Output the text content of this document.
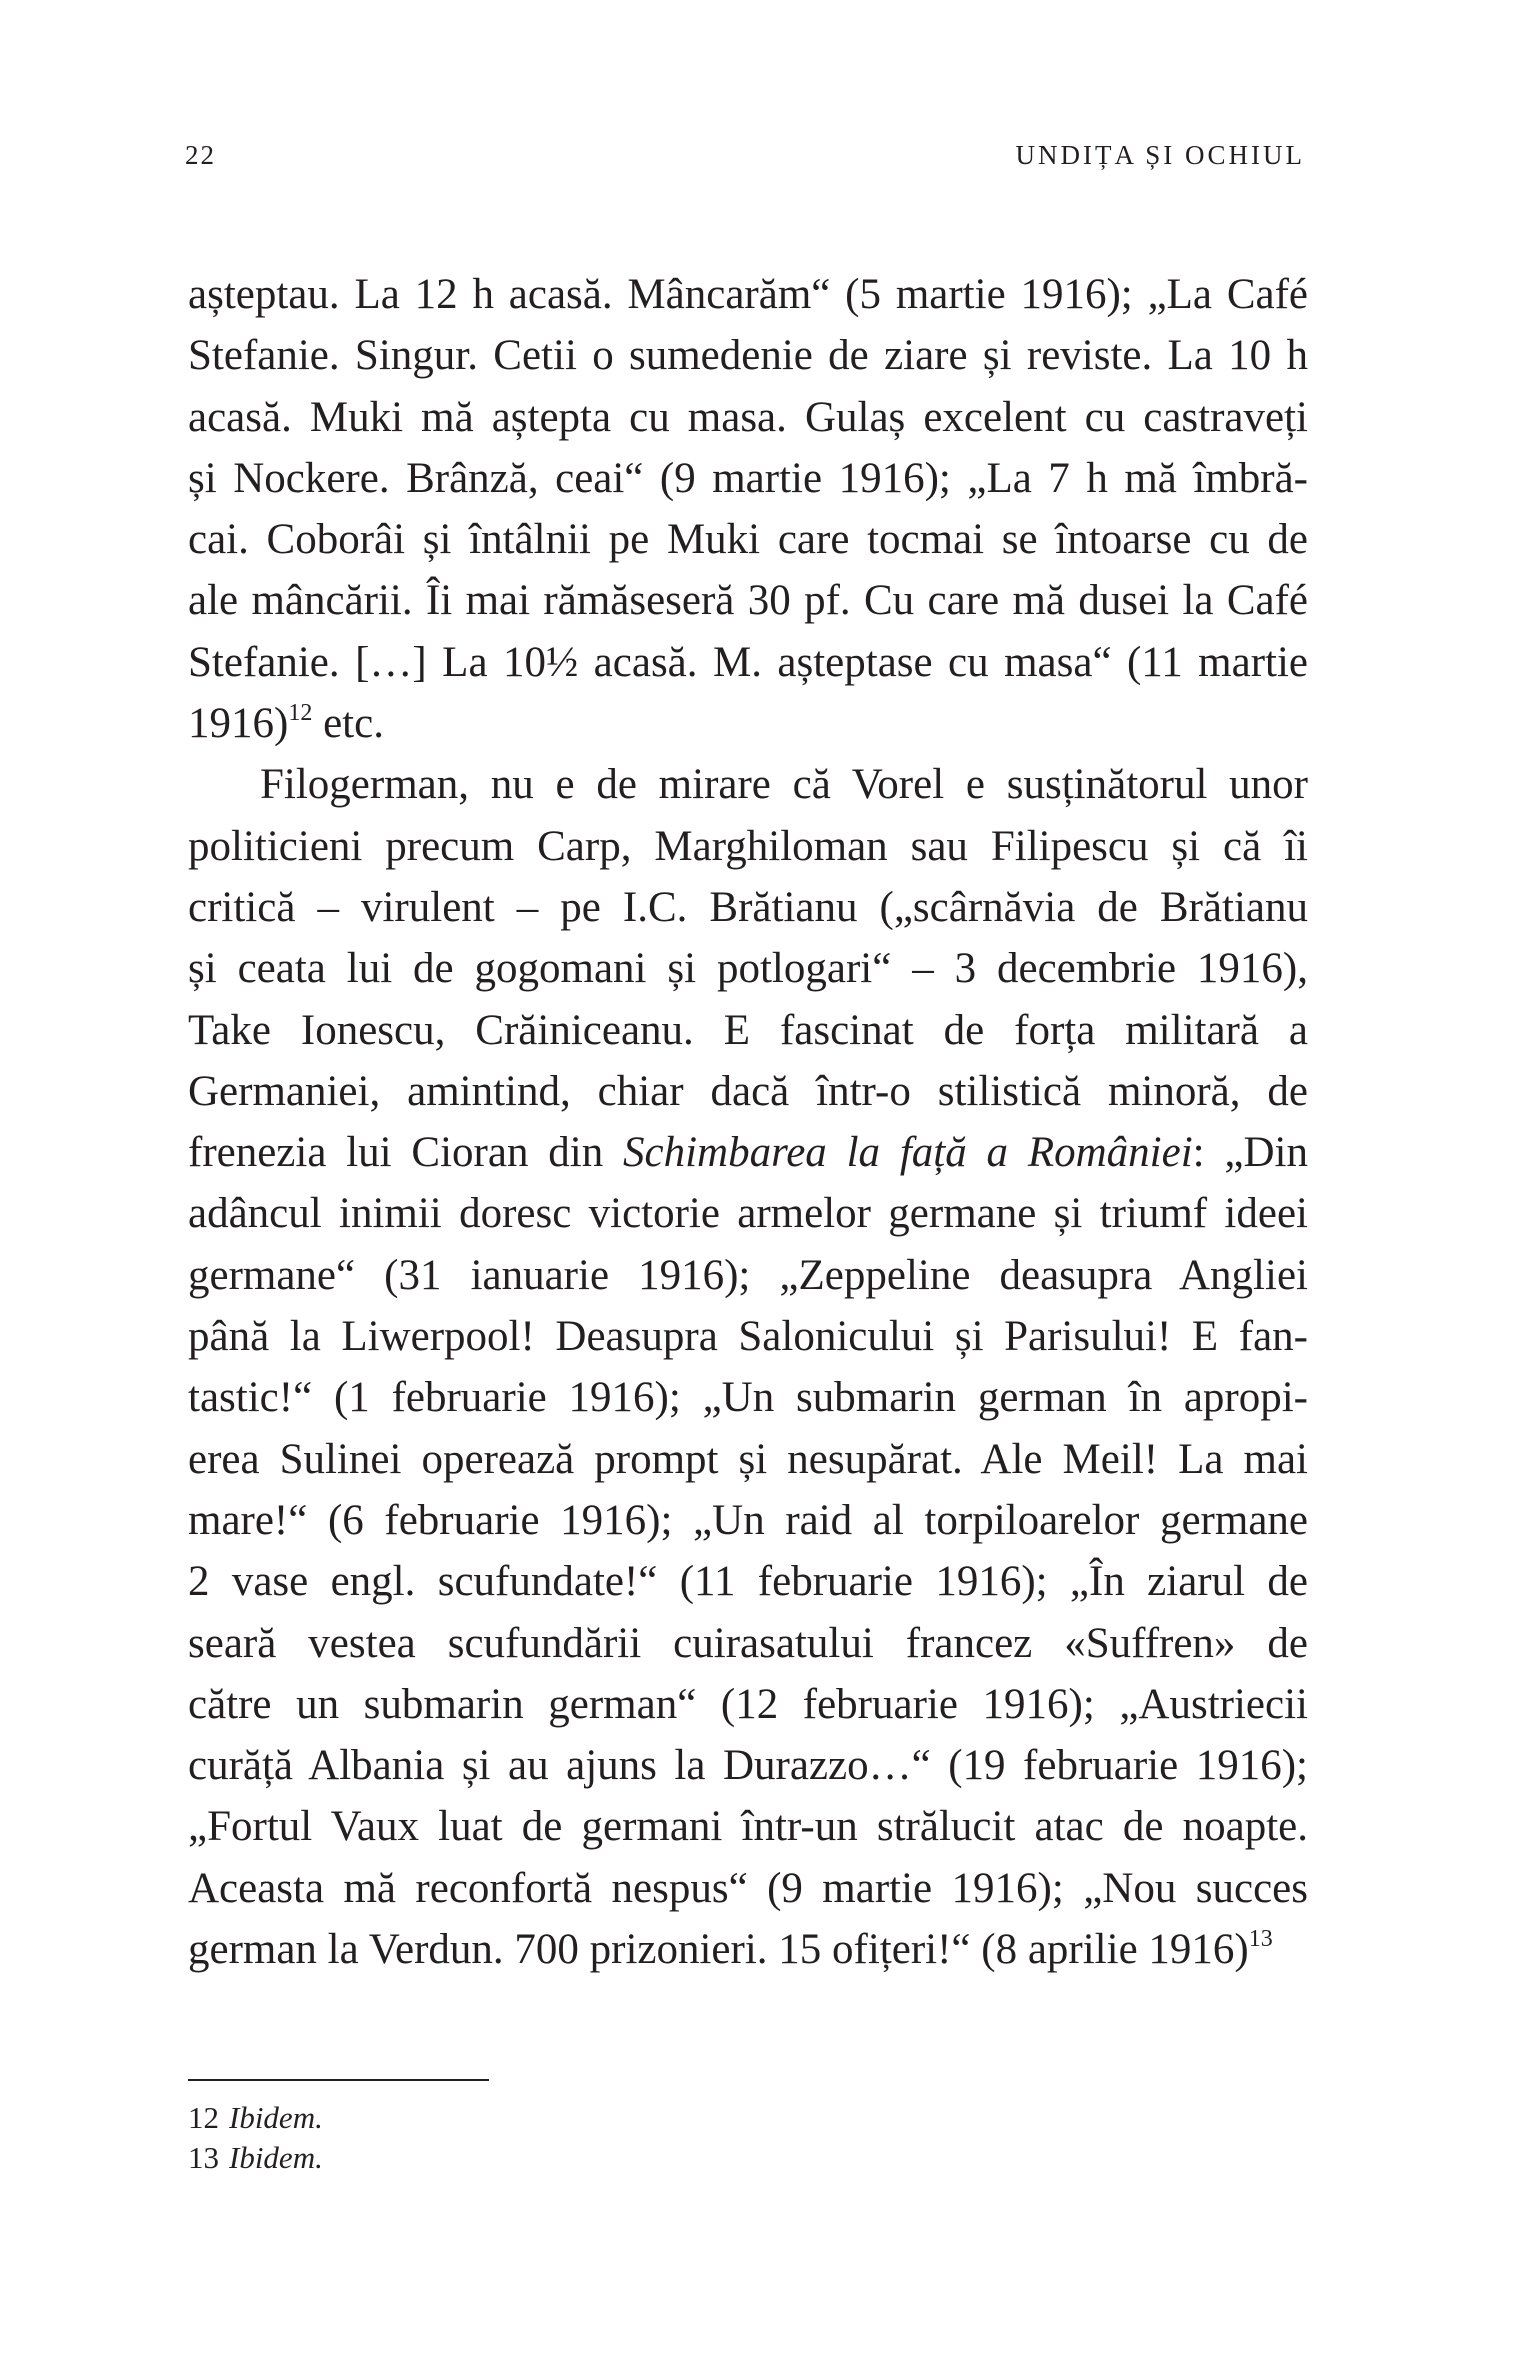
22	UNDIȚA ȘI OCHIUL
așteptau. La 12 h acasă. Mâncarăm“ (5 martie 1916); „La Café
Stefanie. Singur. Cetii o sumedenie de ziare și reviste. La 10 h
acasă. Muki mă aștepta cu masa. Gulaș excelent cu castraveți
și Nockere. Brânză, ceai“ (9 martie 1916); „La 7 h mă îmbră-
cai. Coborâi și întâlnii pe Muki care tocmai se întoarse cu de
ale mâncării. Îi mai rămăseseră 30 pf. Cu care mă dusei la Café
Stefanie. […] La 10½ acasă. M. așteptase cu masa“ (11 martie
1916)$^{12}$ etc.
Filogerman, nu e de mirare că Vorel e susținătorul unor
politicieni precum Carp, Marghiloman sau Filipescu și că îi
critică – virulent – pe I.C. Brătianu („scârnăvia de Brătianu
și ceata lui de gogomani și potlogari“ – 3 decembrie 1916),
Take Ionescu, Crăiniceanu. E fascinat de forța militară a
Germaniei, amintind, chiar dacă într-o stilistică minoră, de
frenezia lui Cioran din Schimbarea la față a României: „Din
adâncul inimii doresc victorie armelor germane și triumf ideei
germane“ (31 ianuarie 1916); „Zeppeline deasupra Angliei
până la Liwerpool! Deasupra Salonicului și Parisului! E fan-
tastic!“ (1 februarie 1916); „Un submarin german în apropi-
erea Sulinei operează prompt și nesupărat. Ale Meil! La mai
mare!“ (6 februarie 1916); „Un raid al torpiloarelor germane
2 vase engl. scufundate!“ (11 februarie 1916); „În ziarul de
seară vestea scufundării cuirasatului francez «Suffren» de
către un submarin german“ (12 februarie 1916); „Austriecii
curăță Albania și au ajuns la Durazzo…“ (19 februarie 1916);
„Fortul Vaux luat de germani într-un strălucit atac de noapte.
Aceasta mă reconfortă nespus“ (9 martie 1916); „Nou succes
german la Verdun. 700 prizonieri. 15 ofițeri!“ (8 aprilie 1916)$^{13}$
12 Ibidem.
13 Ibidem.
